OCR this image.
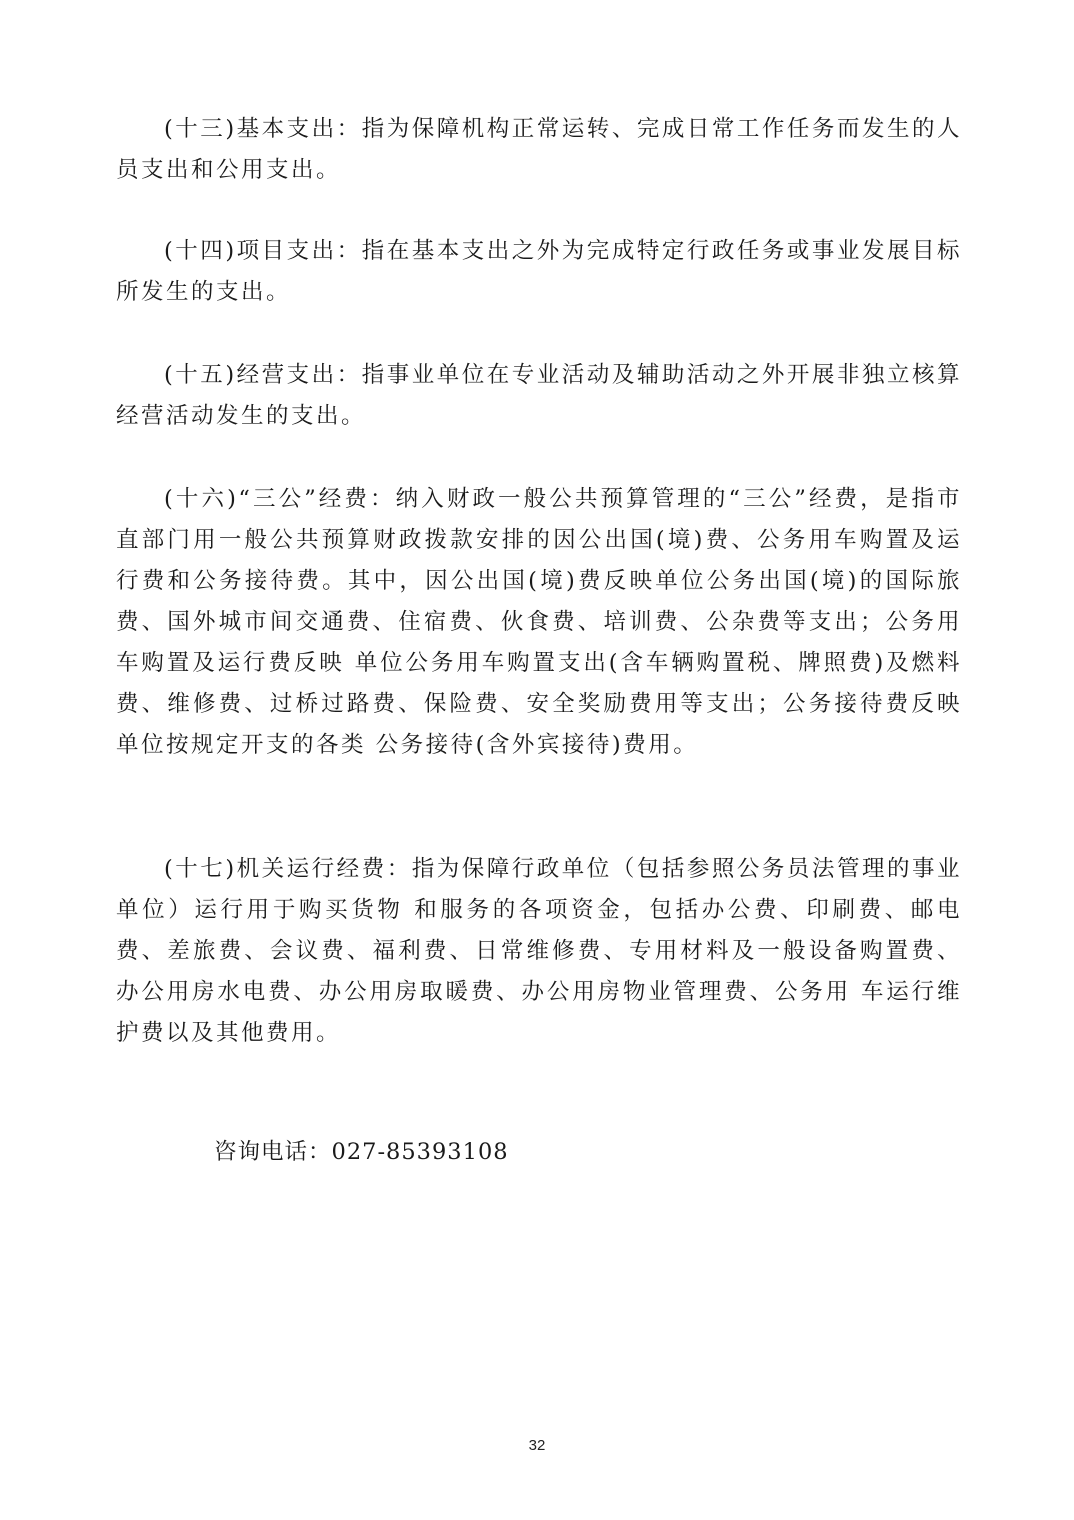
(十三)基本支出：指为保障机构正常运转、完成日常工作任务而发生的人员支出和公用支出。

(十四)项目支出：指在基本支出之外为完成特定行政任务或事业发展目标所发生的支出。

(十五)经营支出：指事业单位在专业活动及辅助活动之外开展非独立核算经营活动发生的支出。

(十六)“三公”经费：纳入财政一般公共预算管理的“三公”经费，是指市直部门用一般公共预算财政拨款安排的因公出国(境)费、公务用车购置及运行费和公务接待费。其中，因公出国(境)费反映单位公务出国(境)的国际旅费、国外城市间交通费、住宿费、伙食费、培训费、公杂费等支出；公务用车购置及运行费反映 单位公务用车购置支出(含车辆购置税、牌照费)及燃料费、维修费、过桥过路费、保险费、安全奖励费用等支出；公务接待费反映单位按规定开支的各类 公务接待(含外宾接待)费用。

(十七)机关运行经费：指为保障行政单位（包括参照公务员法管理的事业单位）运行用于购买货物 和服务的各项资金，包括办公费、印刷费、邮电费、差旅费、会议费、福利费、日常维修费、专用材料及一般设备购置费、办公用房水电费、办公用房取暖费、办公用房物业管理费、公务用 车运行维护费以及其他费用。

咨询电话：027-85393108

32
